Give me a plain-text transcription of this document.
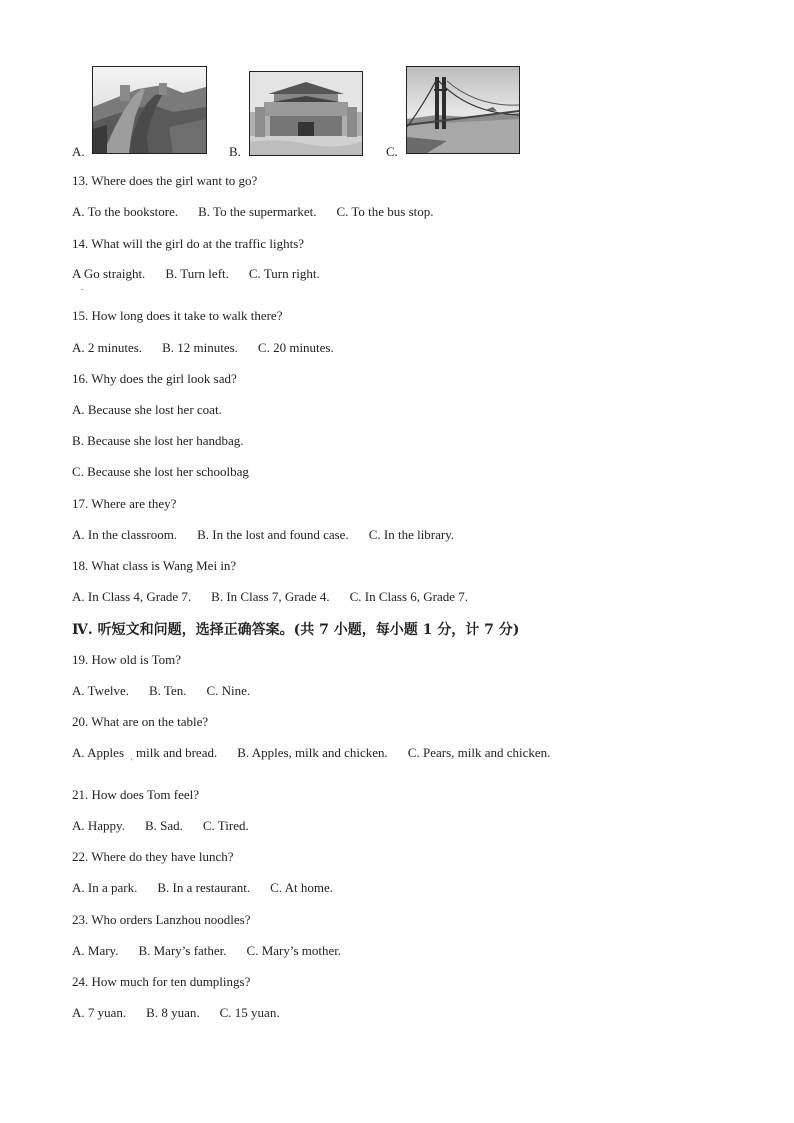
A.	B.	C.
13. Where does the girl want to go?
A. To the bookstore. B. To the supermarket. C. To the bus stop.
14. What will the girl do at the traffic lights?
A Go straight. B. Turn left. C. Turn right.
.
15. How long does it take to walk there?
A. 2 minutes. B. 12 minutes. C. 20 minutes.
16. Why does the girl look sad?
A. Because she lost her coat.
B. Because she lost her handbag.
C. Because she lost her schoolbag
17. Where are they?
A. In the classroom. B. In the lost and found case. C. In the library.
18. What class is Wang Mei in?
A. In Class 4, Grade 7. B. In Class 7, Grade 4. C. In Class 6, Grade 7.
Ⅳ. 听短文和问题，选择正确答案。(共 7 小题，每小题 1 分，计 7 分)
19. How old is Tom?
A. Twelve. B. Ten. C. Nine.
20. What are on the table?
A. Apples milk and bread. B. Apples, milk and chicken. C. Pears, milk and chicken.
'
21. How does Tom feel?
A. Happy. B. Sad. C. Tired.
22. Where do they have lunch?
A. In a park. B. In a restaurant. C. At home.
23. Who orders Lanzhou noodles?
A. Mary. B. Mary’s father. C. Mary’s mother.
24. How much for ten dumplings?
A. 7 yuan. B. 8 yuan. C. 15 yuan.
